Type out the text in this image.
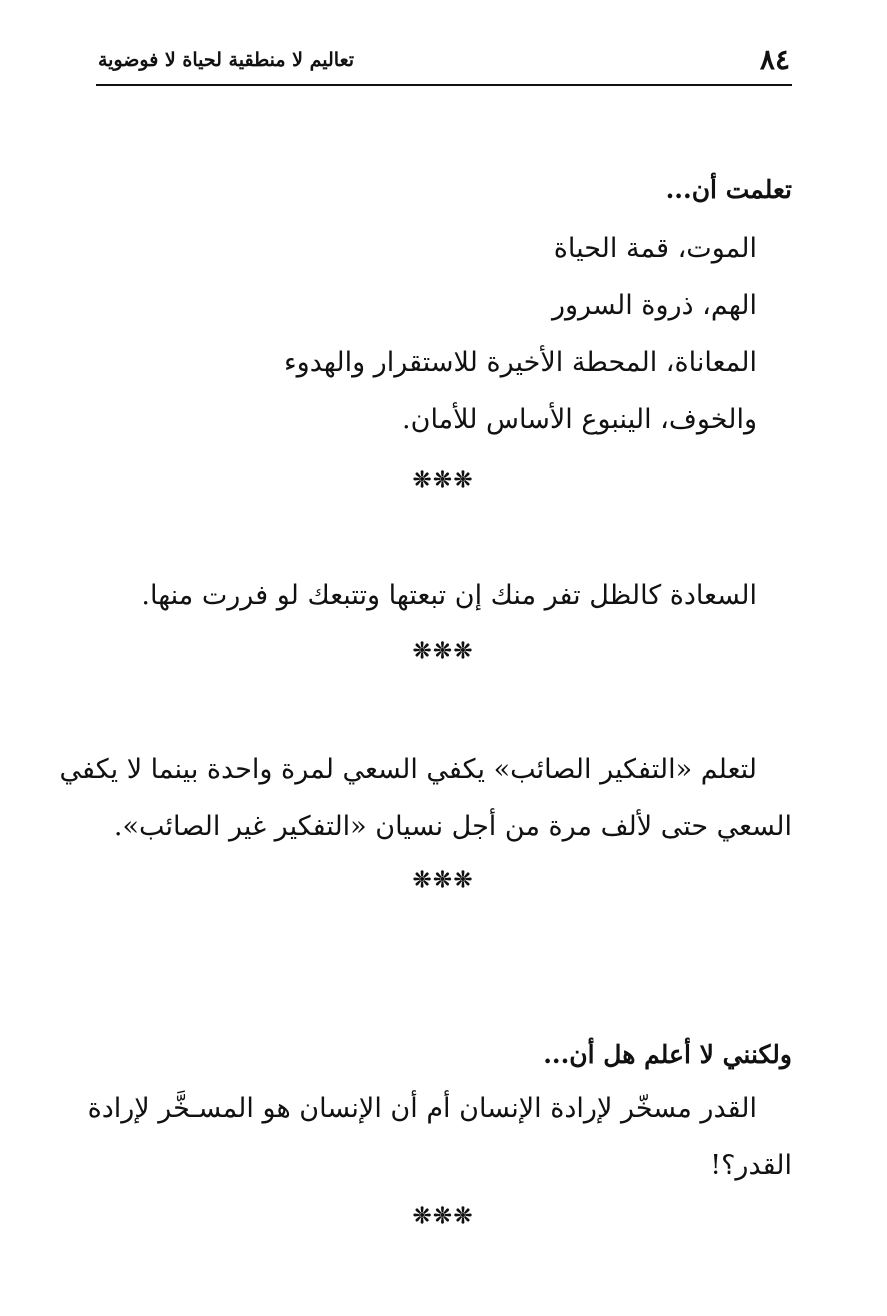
٨٤
تعاليم لا منطقية لحياة لا فوضوية
تعلمت أن...
الموت، قمة الحياة
الهم، ذروة السرور
المعاناة، المحطة الأخيرة للاستقرار والهدوء
والخوف، الينبوع الأساس للأمان.
❊❊❊
السعادة كالظل تفر منك إن تبعتها وتتبعك لو فررت منها.
❊❊❊
لتعلم «التفكير الصائب» يكفي السعي لمرة واحدة بينما لا يكفي
السعي حتى لألف مرة من أجل نسيان «التفكير غير الصائب».
❊❊❊
ولكنني لا أعلم هل أن...
القدر مسخّر لإرادة الإنسان أم أن الإنسان هو المسـخَّر لإرادة
القدر؟!
❊❊❊
